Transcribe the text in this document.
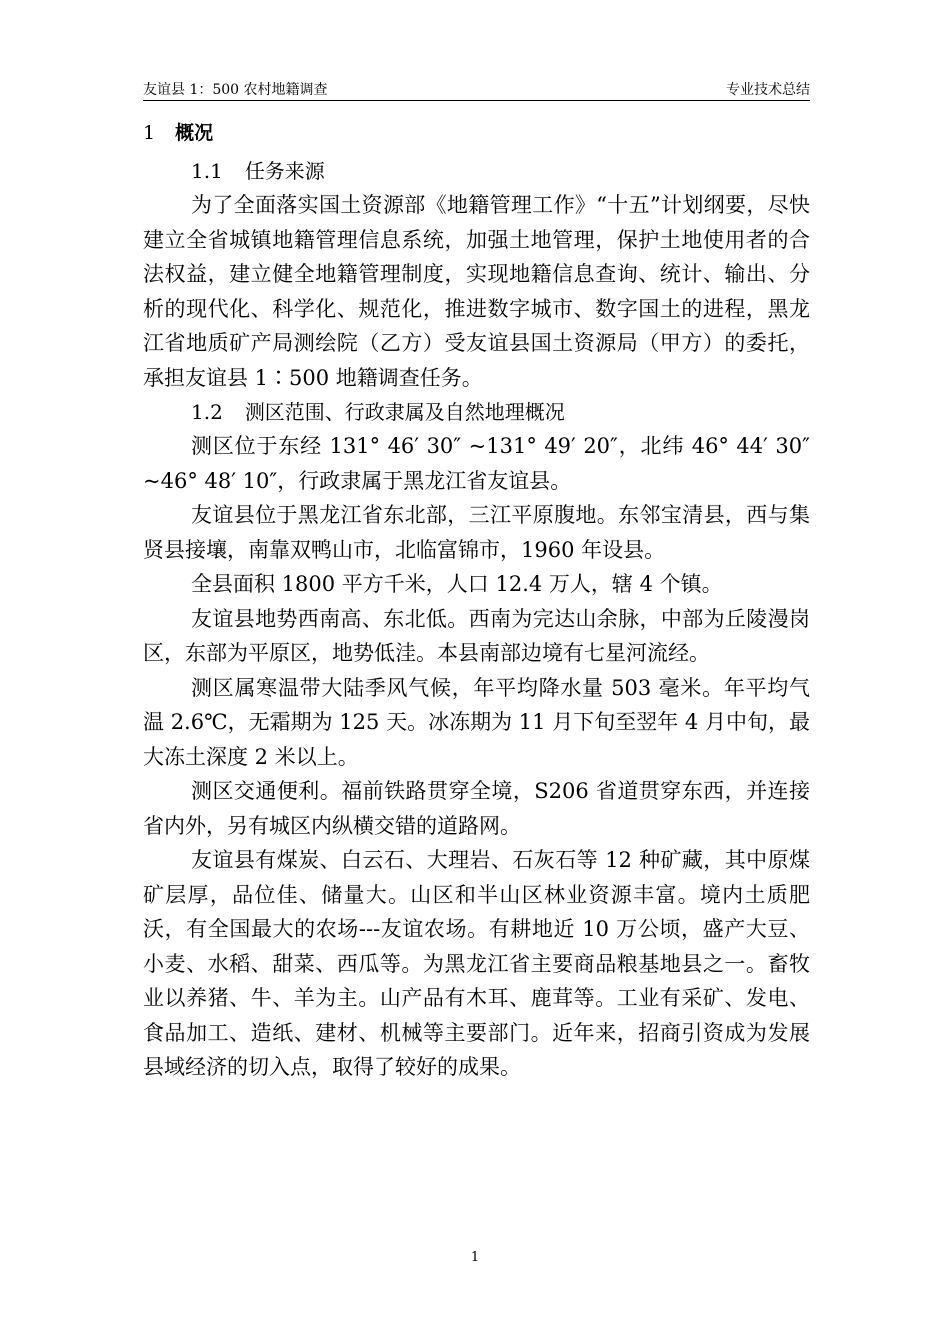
友谊县 1：500 农村地籍调查	专业技术总结
1 概况
1.1 任务来源

为了全面落实国土资源部《地籍管理工作》“十五”计划纲要，尽快建立全省城镇地籍管理信息系统，加强土地管理，保护土地使用者的合法权益，建立健全地籍管理制度，实现地籍信息查询、统计、输出、分析的现代化、科学化、规范化，推进数字城市、数字国土的进程，黑龙江省地质矿产局测绘院（乙方）受友谊县国土资源局（甲方）的委托，承担友谊县 1∶500 地籍调查任务。

1.2 测区范围、行政隶属及自然地理概况

测区位于东经 131° 46′ 30″ ~131° 49′ 20″，北纬 46° 44′ 30″ ~46° 48′ 10″，行政隶属于黑龙江省友谊县。

友谊县位于黑龙江省东北部，三江平原腹地。东邻宝清县，西与集贤县接壤，南靠双鸭山市，北临富锦市，1960 年设县。

全县面积 1800 平方千米，人口 12.4 万人，辖 4 个镇。

友谊县地势西南高、东北低。西南为完达山余脉，中部为丘陵漫岗区，东部为平原区，地势低洼。本县南部边境有七星河流经。

测区属寒温带大陆季风气候，年平均降水量 503 毫米。年平均气温 2.6℃，无霜期为 125 天。冰冻期为 11 月下旬至翌年 4 月中旬，最大冻土深度 2 米以上。

测区交通便利。福前铁路贯穿全境，S206 省道贯穿东西，并连接省内外，另有城区内纵横交错的道路网。

友谊县有煤炭、白云石、大理岩、石灰石等 12 种矿藏，其中原煤矿层厚，品位佳、储量大。山区和半山区林业资源丰富。境内土质肥沃，有全国最大的农场---友谊农场。有耕地近 10 万公顷，盛产大豆、小麦、水稻、甜菜、西瓜等。为黑龙江省主要商品粮基地县之一。畜牧业以养猪、牛、羊为主。山产品有木耳、鹿茸等。工业有采矿、发电、食品加工、造纸、建材、机械等主要部门。近年来，招商引资成为发展县域经济的切入点，取得了较好的成果。

1
